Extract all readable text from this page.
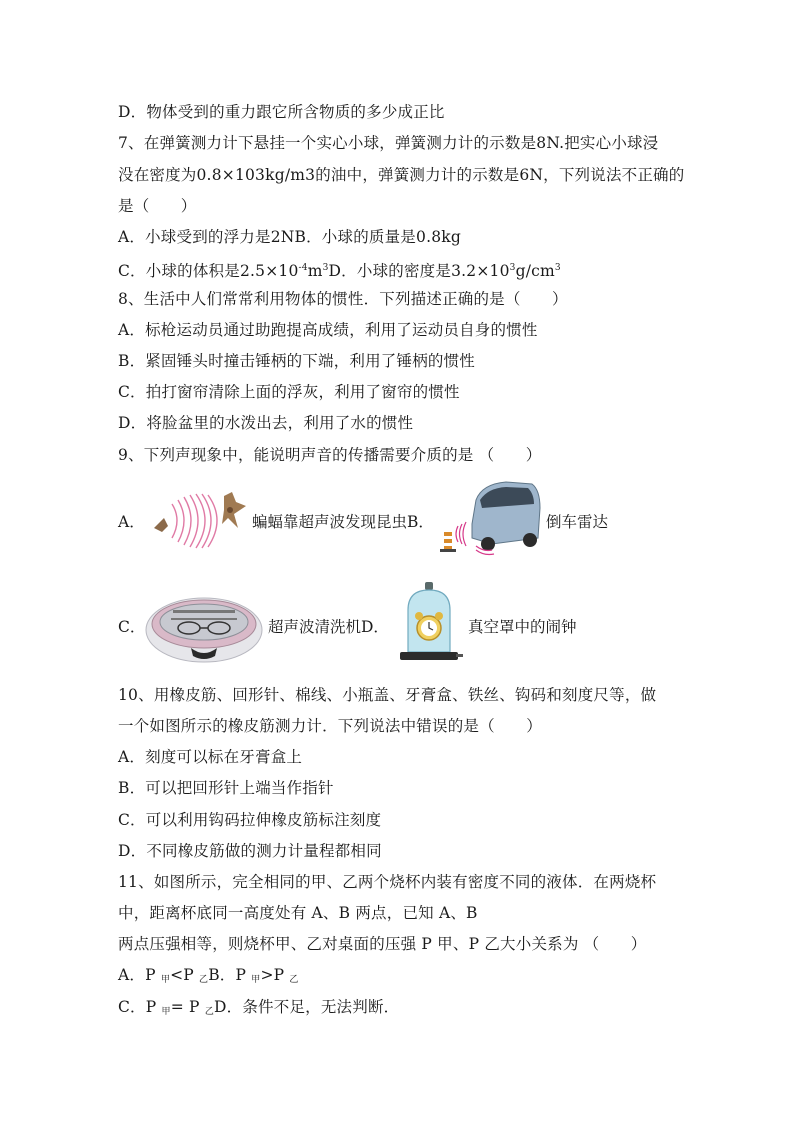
D．物体受到的重力跟它所含物质的多少成正比
7、在弹簧测力计下悬挂一个实心小球，弹簧测力计的示数是8N.把实心小球浸
没在密度为0.8×103kg/m3的油中，弹簧测力计的示数是6N，下列说法不正确的
是（　　）
A．小球受到的浮力是2NB．小球的质量是0.8kg
C．小球的体积是$2.5\times 10^{-4}m^3D$．小球的密度是$3.2\times 10^3g/cm^3$
8、生活中人们常常利用物体的惯性．下列描述正确的是（　　）
A．标枪运动员通过助跑提高成绩，利用了运动员自身的惯性
B．紧固锤头时撞击锤柄的下端，利用了锤柄的惯性
C．拍打窗帘清除上面的浮灰，利用了窗帘的惯性
D．将脸盆里的水泼出去，利用了水的惯性
9、下列声现象中，能说明声音的传播需要介质的是 （　　）
A．	蝙蝠靠超声波发现昆虫B．	倒车雷达
C．	超声波清洗机D．	真空罩中的闹钟
10、用橡皮筋、回形针、棉线、小瓶盖、牙膏盒、铁丝、钩码和刻度尺等，做
一个如图所示的橡皮筋测力计．下列说法中错误的是（　　）
A．刻度可以标在牙膏盒上
B．可以把回形针上端当作指针
C．可以利用钩码拉伸橡皮筋标注刻度
D．不同橡皮筋做的测力计量程都相同
11、如图所示，完全相同的甲、乙两个烧杯内装有密度不同的液体．在两烧杯
中，距离杯底同一高度处有 A、B 两点，已知 A、B
两点压强相等，则烧杯甲、乙对桌面的压强 P 甲、P 乙大小关系为 （　　）
A．P $_甲$<P $_乙$B．P $_甲$>P $_乙$
C．P $_甲$= P $_乙$D．条件不足，无法判断．
